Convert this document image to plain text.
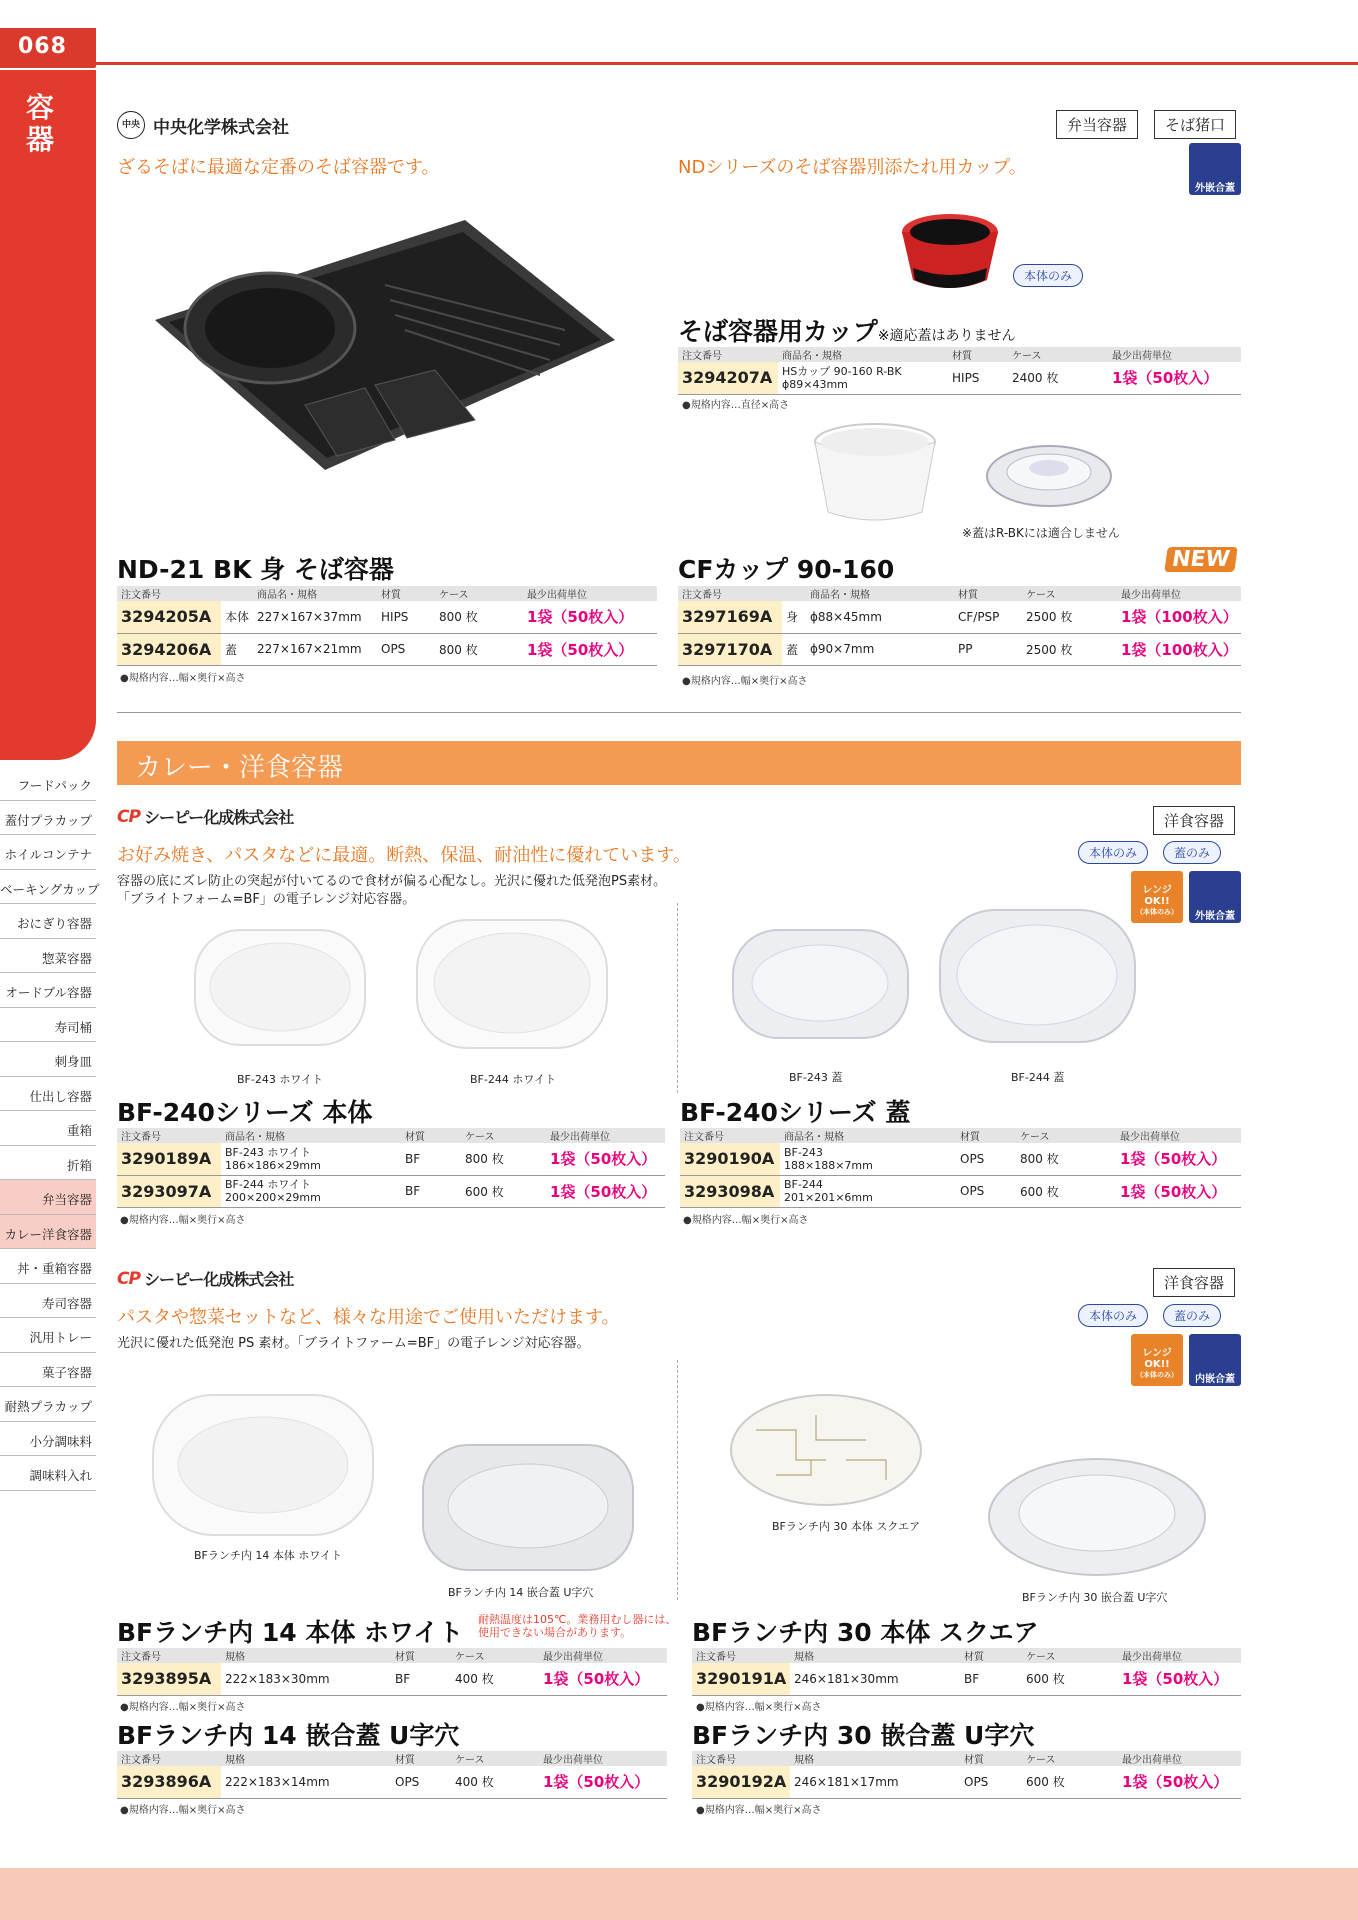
068
容器
フードパック
蓋付プラカップ
ホイルコンテナ
ベーキングカップ
おにぎり容器
惣菜容器
オードブル容器
寿司桶
刺身皿
仕出し容器
重箱
折箱
弁当容器
カレー洋食容器
丼・重箱容器
寿司容器
汎用トレー
菓子容器
耐熱プラカップ
小分調味料
調味料入れ
中央 中央化学株式会社	弁当容器	そば猪口
ざるそばに最適な定番のそば容器です。	NDシリーズのそば容器別添たれ用カップ。
外嵌合蓋
本体のみ
そば容器用カップ※適応蓋はありません
注文番号	商品名・規格	材質	ケース	最少出荷単位
3294207A	HSカップ 90-160 R-BK
ϕ89×43mm	HIPS	2400 枚	1袋（50枚入）
●規格内容…直径×高さ
※蓋はR-BKには適合しません
ND-21 BK 身 そば容器	CFカップ 90-160	NEW
注文番号		商品名・規格	材質	ケース	最少出荷単位
3294205A	本体	227×167×37mm	HIPS	800 枚	1袋（50枚入）
3294206A	蓋	227×167×21mm	OPS	800 枚	1袋（50枚入）
●規格内容…幅×奥行×高さ
注文番号		商品名・規格	材質	ケース	最少出荷単位
3297169A	身	ϕ88×45mm	CF/PSP	2500 枚	1袋（100枚入）
3297170A	蓋	ϕ90×7mm	PP	2500 枚	1袋（100枚入）
●規格内容…幅×奥行×高さ
カレー・洋食容器
CP シーピー化成株式会社	洋食容器
本体のみ	蓋のみ
レンジ
OK!!
（本体のみ）	外嵌合蓋
お好み焼き、パスタなどに最適。断熱、保温、耐油性に優れています。
容器の底にズレ防止の突起が付いてるので食材が偏る心配なし。光沢に優れた低発泡PS素材。
「ブライトフォーム=BF」の電子レンジ対応容器。
BF-243 ホワイト	BF-244 ホワイト	BF-243 蓋	BF-244 蓋
BF-240シリーズ 本体	BF-240シリーズ 蓋
注文番号	商品名・規格	材質	ケース	最少出荷単位
3290189A	BF-243 ホワイト
186×186×29mm	BF	800 枚	1袋（50枚入）
3293097A	BF-244 ホワイト
200×200×29mm	BF	600 枚	1袋（50枚入）
●規格内容…幅×奥行×高さ
注文番号	商品名・規格	材質	ケース	最少出荷単位
3290190A	BF-243
188×188×7mm	OPS	800 枚	1袋（50枚入）
3293098A	BF-244
201×201×6mm	OPS	600 枚	1袋（50枚入）
●規格内容…幅×奥行×高さ
CP シーピー化成株式会社	洋食容器
本体のみ	蓋のみ
レンジ
OK!!
（本体のみ）	内嵌合蓋
パスタや惣菜セットなど、様々な用途でご使用いただけます。
光沢に優れた低発泡 PS 素材。「ブライトファーム=BF」の電子レンジ対応容器。
BFランチ内 14 本体 ホワイト
BFランチ内 14 嵌合蓋 U字穴
BFランチ内 30 本体 スクエア
BFランチ内 30 嵌合蓋 U字穴
BFランチ内 14 本体 ホワイト 耐熱温度は105℃。業務用むし器には、
使用できない場合があります。	BFランチ内 30 本体 スクエア
注文番号	規格	材質	ケース	最少出荷単位
3293895A	222×183×30mm	BF	400 枚	1袋（50枚入）
●規格内容…幅×奥行×高さ
注文番号	規格	材質	ケース	最少出荷単位
3290191A	246×181×30mm	BF	600 枚	1袋（50枚入）
●規格内容…幅×奥行×高さ
BFランチ内 14 嵌合蓋 U字穴	BFランチ内 30 嵌合蓋 U字穴
注文番号	規格	材質	ケース	最少出荷単位
3293896A	222×183×14mm	OPS	400 枚	1袋（50枚入）
●規格内容…幅×奥行×高さ
注文番号	規格	材質	ケース	最少出荷単位
3290192A	246×181×17mm	OPS	600 枚	1袋（50枚入）
●規格内容…幅×奥行×高さ
